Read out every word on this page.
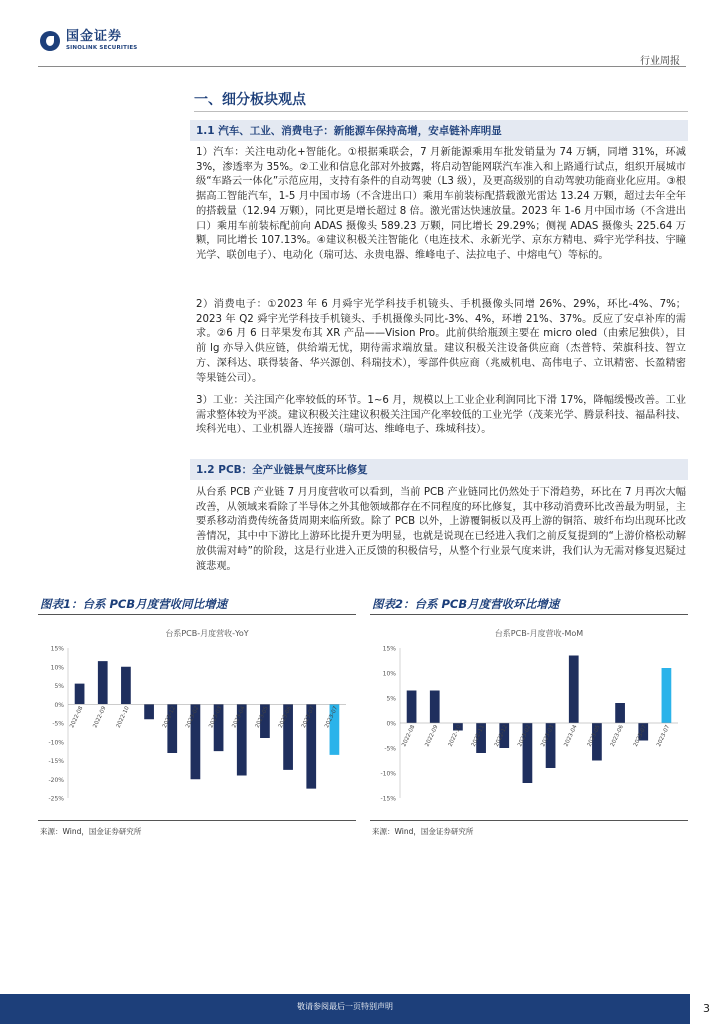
国金证券
SINOLINK SECURITIES
行业周报
一、细分板块观点
1.1 汽车、工业、消费电子：新能源车保持高增，安卓链补库明显
1）汽车：关注电动化+智能化。①根据乘联会，7 月新能源乘用车批发销量为 74 万辆，同增 31%，环减 3%，渗透率为 35%。②工业和信息化部对外披露，将启动智能网联汽车准入和上路通行试点，组织开展城市级“车路云一体化”示范应用，支持有条件的自动驾驶（L3 级），及更高级别的自动驾驶功能商业化应用。③根据高工智能汽车，1-5 月中国市场（不含进出口）乘用车前装标配搭载激光雷达 13.24 万颗，超过去年全年的搭载量（12.94 万颗），同比更是增长超过 8 倍。激光雷达快速放量。2023 年 1-6 月中国市场（不含进出口）乘用车前装标配前向 ADAS 摄像头 589.23 万颗，同比增长 29.29%；侧视 ADAS 摄像头 225.64 万颗，同比增长 107.13%。④建议积极关注智能化（电连技术、永新光学、京东方精电、舜宇光学科技、宇瞳光学、联创电子）、电动化（瑞可达、永贵电器、维峰电子、法拉电子、中熔电气）等标的。
2）消费电子：①2023 年 6 月舜宇光学科技手机镜头、手机摄像头同增 26%、29%，环比-4%、7%；2023 年 Q2 舜宇光学科技手机镜头、手机摄像头同比-3%、4%，环增 21%、37%。反应了安卓补库的需求。②6 月 6 日苹果发布其 XR 产品——Vision Pro。此前供给瓶颈主要在 micro oled（由索尼独供），目前 lg 亦导入供应链，供给端无忧，期待需求端放量。建议积极关注设备供应商（杰普特、荣旗科技、智立方、深科达、联得装备、华兴源创、科瑞技术），零部件供应商（兆威机电、高伟电子、立讯精密、长盈精密等果链公司）。
3）工业：关注国产化率较低的环节。1~6 月，规模以上工业企业利润同比下滑 17%，降幅缓慢改善。工业需求整体较为平淡。建议积极关注建议积极关注国产化率较低的工业光学（茂莱光学、腾景科技、福晶科技、埃科光电）、工业机器人连接器（瑞可达、维峰电子、珠城科技）。
1.2 PCB：全产业链景气度环比修复
从台系 PCB 产业链 7 月月度营收可以看到，当前 PCB 产业链同比仍然处于下滑趋势，环比在 7 月再次大幅改善，从领域来看除了半导体之外其他领域都存在不同程度的环比修复，其中移动消费环比改善最为明显，主要系移动消费传统备货周期来临所致。除了 PCB 以外，上游覆铜板以及再上游的铜箔、玻纤布均出现环比改善情况，其中中下游比上游环比提升更为明显，也就是说现在已经进入我们之前反复提到的“上游价格松动解放供需对峙”的阶段，这是行业进入正反馈的积极信号，从整个行业景气度来讲，我们认为无需对修复迟疑过渡悲观。
图表1：台系 PCB月度营收同比增速	图表2：台系 PCB月度营收环比增速
台系PCB-月度营收-YoY
15%
10%
5%
0%
-5%
-10%
-15%
-20%
-25%
2022-08 2022-09 2022-10	2022-12 2023-02 2023-03 2023-04 2023-05 2023-06 2023-07 2023-07
台系PCB-月度营收-MoM
15%
10%
5%
0%
-5%
-10%
-15%
2022-08 2022-09 2022-10 2022-11 2022-12 2023-02 2023-03 2023-04 2023-05 2023-06 2023-07 2023-07
来源：Wind，国金证券研究所	来源：Wind，国金证券研究所
敬请参阅最后一页特别声明	3
